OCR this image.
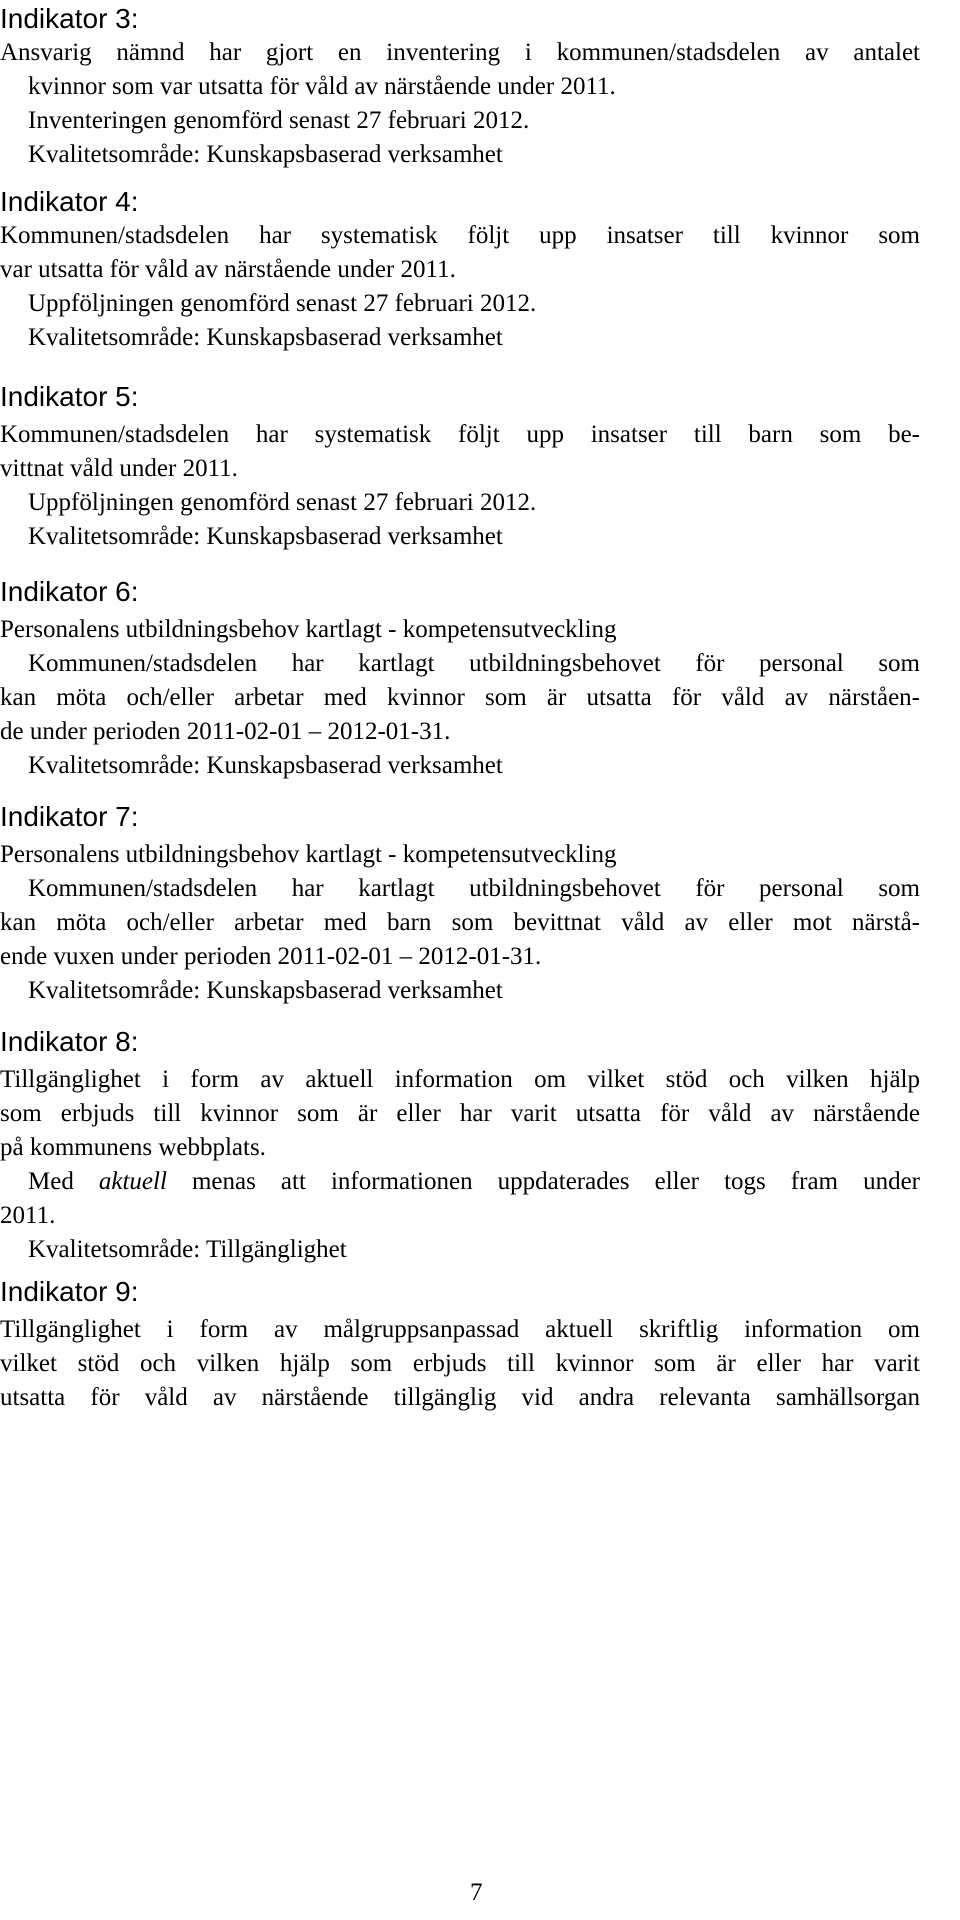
Indikator 3:
Ansvarig nämnd har gjort en inventering i kommunen/stadsdelen av antalet
kvinnor som var utsatta för våld av närstående under 2011.
Inventeringen genomförd senast 27 februari 2012.
Kvalitetsområde: Kunskapsbaserad verksamhet
Indikator 4:
Kommunen/stadsdelen har systematisk följt upp insatser till kvinnor som
var utsatta för våld av närstående under 2011.
Uppföljningen genomförd senast 27 februari 2012.
Kvalitetsområde: Kunskapsbaserad verksamhet
Indikator 5:
Kommunen/stadsdelen har systematisk följt upp insatser till barn som be-
vittnat våld under 2011.
Uppföljningen genomförd senast 27 februari 2012.
Kvalitetsområde: Kunskapsbaserad verksamhet
Indikator 6:
Personalens utbildningsbehov kartlagt - kompetensutveckling
Kommunen/stadsdelen har kartlagt utbildningsbehovet för personal som
kan möta och/eller arbetar med kvinnor som är utsatta för våld av närståen-
de under perioden 2011-02-01 – 2012-01-31.
Kvalitetsområde: Kunskapsbaserad verksamhet
Indikator 7:
Personalens utbildningsbehov kartlagt - kompetensutveckling
Kommunen/stadsdelen har kartlagt utbildningsbehovet för personal som
kan möta och/eller arbetar med barn som bevittnat våld av eller mot närstå-
ende vuxen under perioden 2011-02-01 – 2012-01-31.
Kvalitetsområde: Kunskapsbaserad verksamhet
Indikator 8:
Tillgänglighet i form av aktuell information om vilket stöd och vilken hjälp
som erbjuds till kvinnor som är eller har varit utsatta för våld av närstående
på kommunens webbplats.
Med aktuell menas att informationen uppdaterades eller togs fram under
2011.
Kvalitetsområde: Tillgänglighet
Indikator 9:
Tillgänglighet i form av målgruppsanpassad aktuell skriftlig information om
vilket stöd och vilken hjälp som erbjuds till kvinnor som är eller har varit
utsatta för våld av närstående tillgänglig vid andra relevanta samhällsorgan
7
